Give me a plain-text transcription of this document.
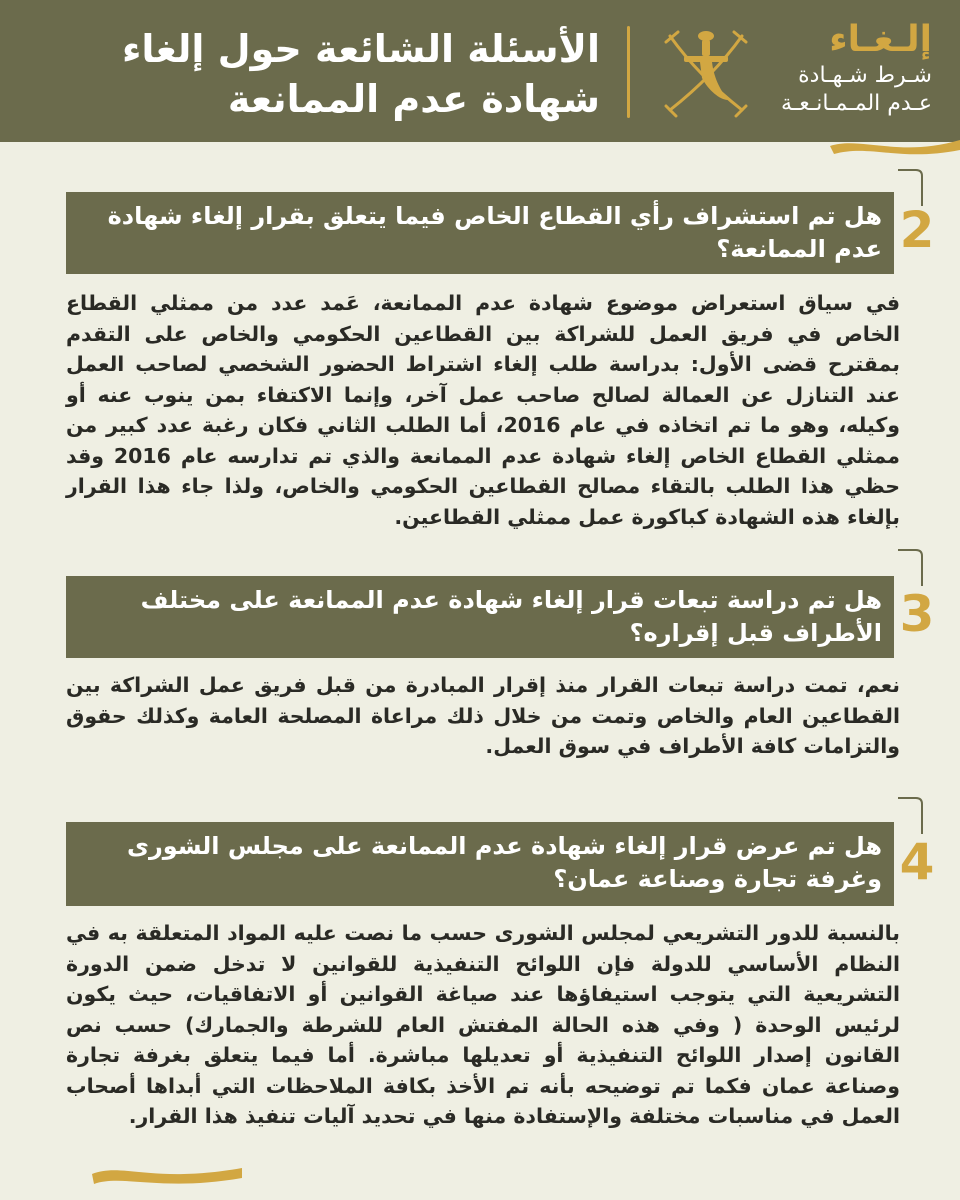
الأسئلة الشائعة حول إلغاء
شهادة عدم الممانعة
إلـغـاء
شـرط شـهـادة
عـدم المـمـانـعـة
2

هل تم استشراف رأي القطاع الخاص فيما يتعلق بقرار إلغاء شهادة عدم الممانعة؟

في سياق استعراض موضوع شهادة عدم الممانعة، عَمد عدد من ممثلي القطاع الخاص في فريق العمل للشراكة بين القطاعين الحكومي والخاص على التقدم بمقترح قضى الأول: بدراسة طلب إلغاء اشتراط الحضور الشخصي لصاحب العمل عند التنازل عن العمالة لصالح صاحب عمل آخر، وإنما الاكتفاء بمن ينوب عنه أو وكيله، وهو ما تم اتخاذه في عام 2016، أما الطلب الثاني فكان رغبة عدد كبير من ممثلي القطاع الخاص إلغاء شهادة عدم الممانعة والذي تم تدارسه عام 2016 وقد حظي هذا الطلب بالتقاء مصالح القطاعين الحكومي والخاص، ولذا جاء هذا القرار بإلغاء هذه الشهادة كباكورة عمل ممثلي القطاعين.

3

هل تم دراسة تبعات قرار إلغاء شهادة عدم الممانعة على مختلف الأطراف قبل إقراره؟

نعم، تمت دراسة تبعات القرار منذ إقرار المبادرة من قبل فريق عمل الشراكة بين القطاعين العام والخاص وتمت من خلال ذلك مراعاة المصلحة العامة وكذلك حقوق والتزامات كافة الأطراف في سوق العمل.

4

هل تم عرض قرار إلغاء شهادة عدم الممانعة على مجلس الشورى وغرفة تجارة وصناعة عمان؟

بالنسبة للدور التشريعي لمجلس الشورى حسب ما نصت عليه المواد المتعلقة به في النظام الأساسي للدولة فإن اللوائح التنفيذية للقوانين لا تدخل ضمن الدورة التشريعية التي يتوجب استيفاؤها عند صياغة القوانين أو الاتفاقيات، حيث يكون لرئيس الوحدة ( وفي هذه الحالة المفتش العام للشرطة والجمارك) حسب نص القانون إصدار اللوائح التنفيذية أو تعديلها مباشرة. أما فيما يتعلق بغرفة تجارة وصناعة عمان فكما تم توضيحه بأنه تم الأخذ بكافة الملاحظات التي أبداها أصحاب العمل في مناسبات مختلفة والإستفادة منها في تحديد آليات تنفيذ هذا القرار.
